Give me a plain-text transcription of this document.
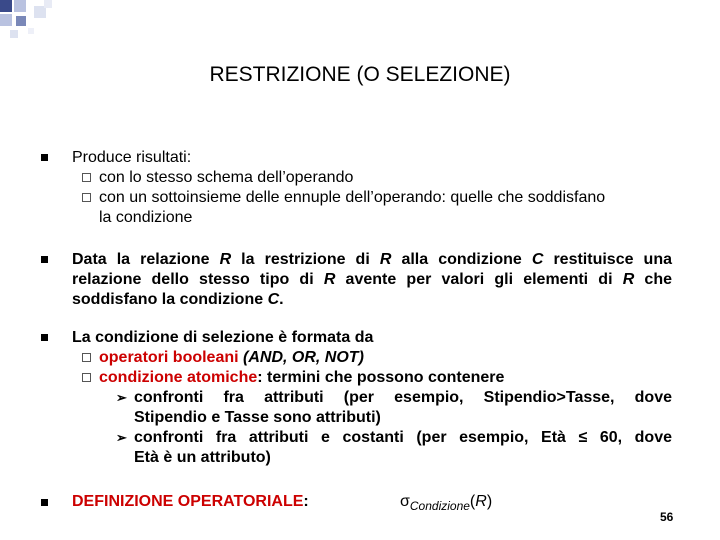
RESTRIZIONE (O SELEZIONE)
Produce risultati:
con lo stesso schema dell’operando
con un sottoinsieme delle ennuple dell’operando: quelle che soddisfano
la condizione
Data la relazione R la restrizione di R alla condizione C restituisce una
relazione dello stesso tipo di R avente per valori gli elementi di R che
soddisfano la condizione C.
La condizione di selezione è formata da
operatori booleani (AND, OR, NOT)
condizione atomiche: termini che possono contenere
➢ confronti fra attributi (per esempio, Stipendio>Tasse, dove
Stipendio e Tasse sono attributi)
➢ confronti fra attributi e costanti (per esempio, Età ≤ 60, dove
Età è un attributo)
DEFINIZIONE OPERATORIALE:	$\sigma_{Condizione}(R)$
56
